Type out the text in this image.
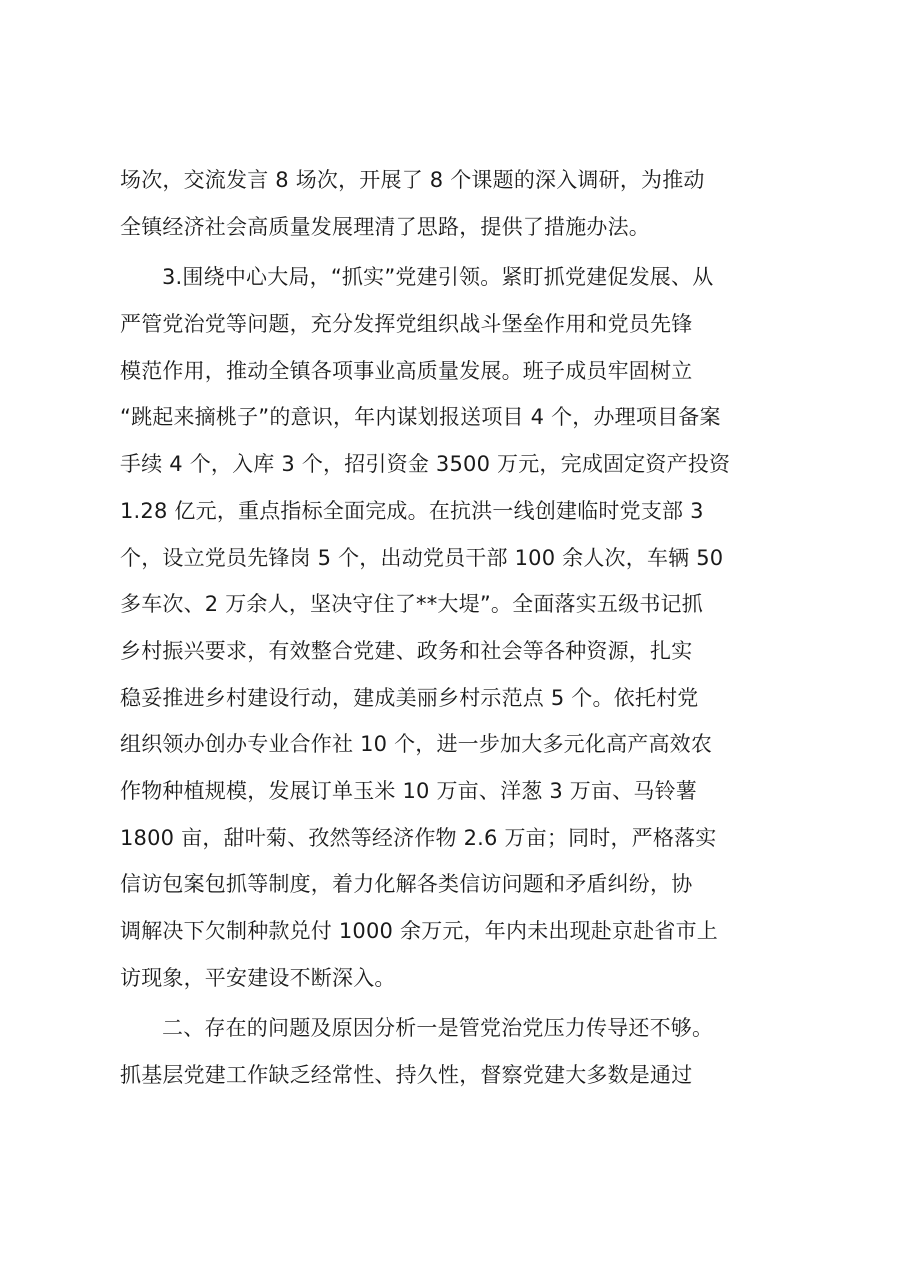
场次，交流发言 8 场次，开展了 8 个课题的深入调研，为推动
全镇经济社会高质量发展理清了思路，提供了措施办法。
3.围绕中心大局，“抓实”党建引领。紧盯抓党建促发展、从
严管党治党等问题，充分发挥党组织战斗堡垒作用和党员先锋
模范作用，推动全镇各项事业高质量发展。班子成员牢固树立
“跳起来摘桃子”的意识，年内谋划报送项目 4 个，办理项目备案
手续 4 个，入库 3 个，招引资金 3500 万元，完成固定资产投资
1.28 亿元，重点指标全面完成。在抗洪一线创建临时党支部 3
个，设立党员先锋岗 5 个，出动党员干部 100 余人次，车辆 50
多车次、2 万余人，坚决守住了**大堤”。全面落实五级书记抓
乡村振兴要求，有效整合党建、政务和社会等各种资源，扎实
稳妥推进乡村建设行动，建成美丽乡村示范点 5 个。依托村党
组织领办创办专业合作社 10 个，进一步加大多元化高产高效农
作物种植规模，发展订单玉米 10 万亩、洋葱 3 万亩、马铃薯
1800 亩，甜叶菊、孜然等经济作物 2.6 万亩；同时，严格落实
信访包案包抓等制度，着力化解各类信访问题和矛盾纠纷，协
调解决下欠制种款兑付 1000 余万元，年内未出现赴京赴省市上
访现象，平安建设不断深入。
二、存在的问题及原因分析一是管党治党压力传导还不够。
抓基层党建工作缺乏经常性、持久性，督察党建大多数是通过
